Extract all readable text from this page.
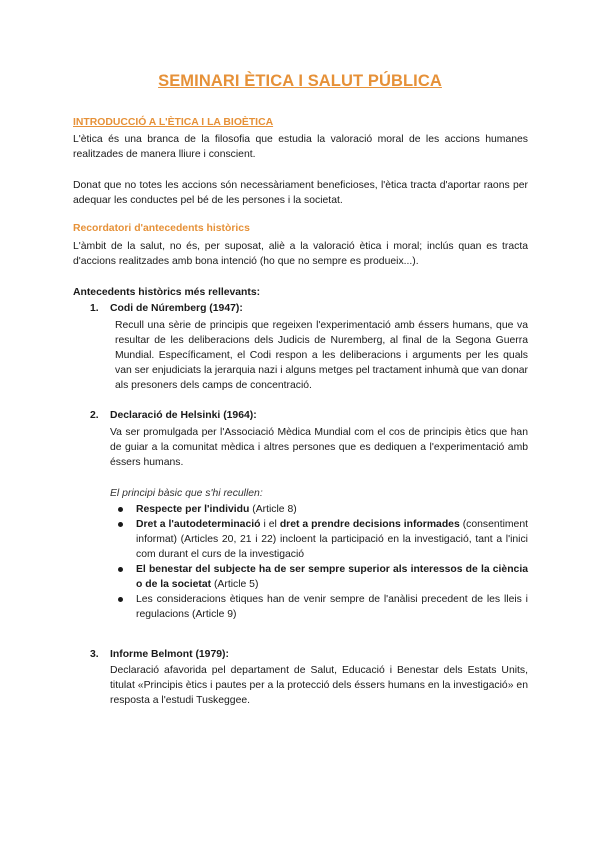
SEMINARI ÈTICA I SALUT PÚBLICA
INTRODUCCIÓ A L'ÈTICA I LA BIOÈTICA

L'ètica és una branca de la filosofia que estudia la valoració moral de les accions humanes realitzades de manera lliure i conscient.

Donat que no totes les accions són necessàriament beneficioses, l'ètica tracta d'aportar raons per adequar les conductes pel bé de les persones i la societat.

Recordatori d'antecedents històrics

L'àmbit de la salut, no és, per suposat, aliè a la valoració ètica i moral; inclús quan es tracta d'accions realitzades amb bona intenció (ho que no sempre es produeix...).

Antecedents històrics més rellevants:
1. Codi de Núremberg (1947):

Recull una sèrie de principis que regeixen l'experimentació amb éssers humans, que va resultar de les deliberacions dels Judicis de Nuremberg, al final de la Segona Guerra Mundial. Específicament, el Codi respon a les deliberacions i arguments per les quals van ser enjudiciats la jerarquia nazi i alguns metges pel tractament inhumà que van donar als presoners dels camps de concentració.

2. Declaració de Helsinki (1964):

Va ser promulgada per l'Associació Mèdica Mundial com el cos de principis ètics que han de guiar a la comunitat mèdica i altres persones que es dediquen a l'experimentació amb éssers humans.

El principi bàsic que s'hi recullen:
Respecte per l'individu (Article 8)
Dret a l'autodeterminació i el dret a prendre decisions informades (consentiment informat) (Articles 20, 21 i 22) incloent la participació en la investigació, tant a l'inici com durant el curs de la investigació
El benestar del subjecte ha de ser sempre superior als interessos de la ciència o de la societat (Article 5)
Les consideracions ètiques han de venir sempre de l'anàlisi precedent de les lleis i regulacions (Article 9)
3. Informe Belmont (1979):

Declaració afavorida pel departament de Salut, Educació i Benestar dels Estats Units, titulat «Principis ètics i pautes per a la protecció dels éssers humans en la investigació» en resposta a l'estudi Tuskeggee.
